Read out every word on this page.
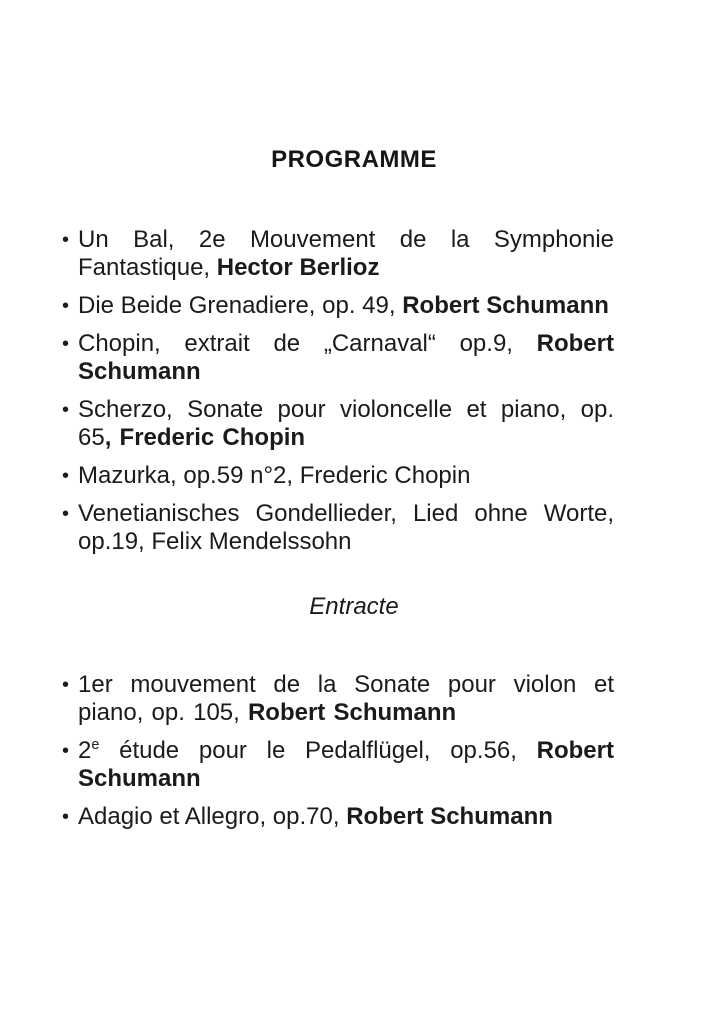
PROGRAMME
• Un Bal, 2e Mouvement de la Symphonie Fantastique, Hector Berlioz
• Die Beide Grenadiere, op. 49, Robert Schumann
• Chopin, extrait de „Carnaval“ op.9, Robert Schumann
• Scherzo, Sonate pour violoncelle et piano, op. 65, Frederic Chopin
• Mazurka, op.59 n°2, Frederic Chopin
• Venetianisches Gondellieder, Lied ohne Worte, op.19, Felix Mendelssohn
Entracte
• 1er mouvement de la Sonate pour violon et piano, op. 105, Robert Schumann
• 2e étude pour le Pedalflügel, op.56, Robert Schumann
• Adagio et Allegro, op.70, Robert Schumann
